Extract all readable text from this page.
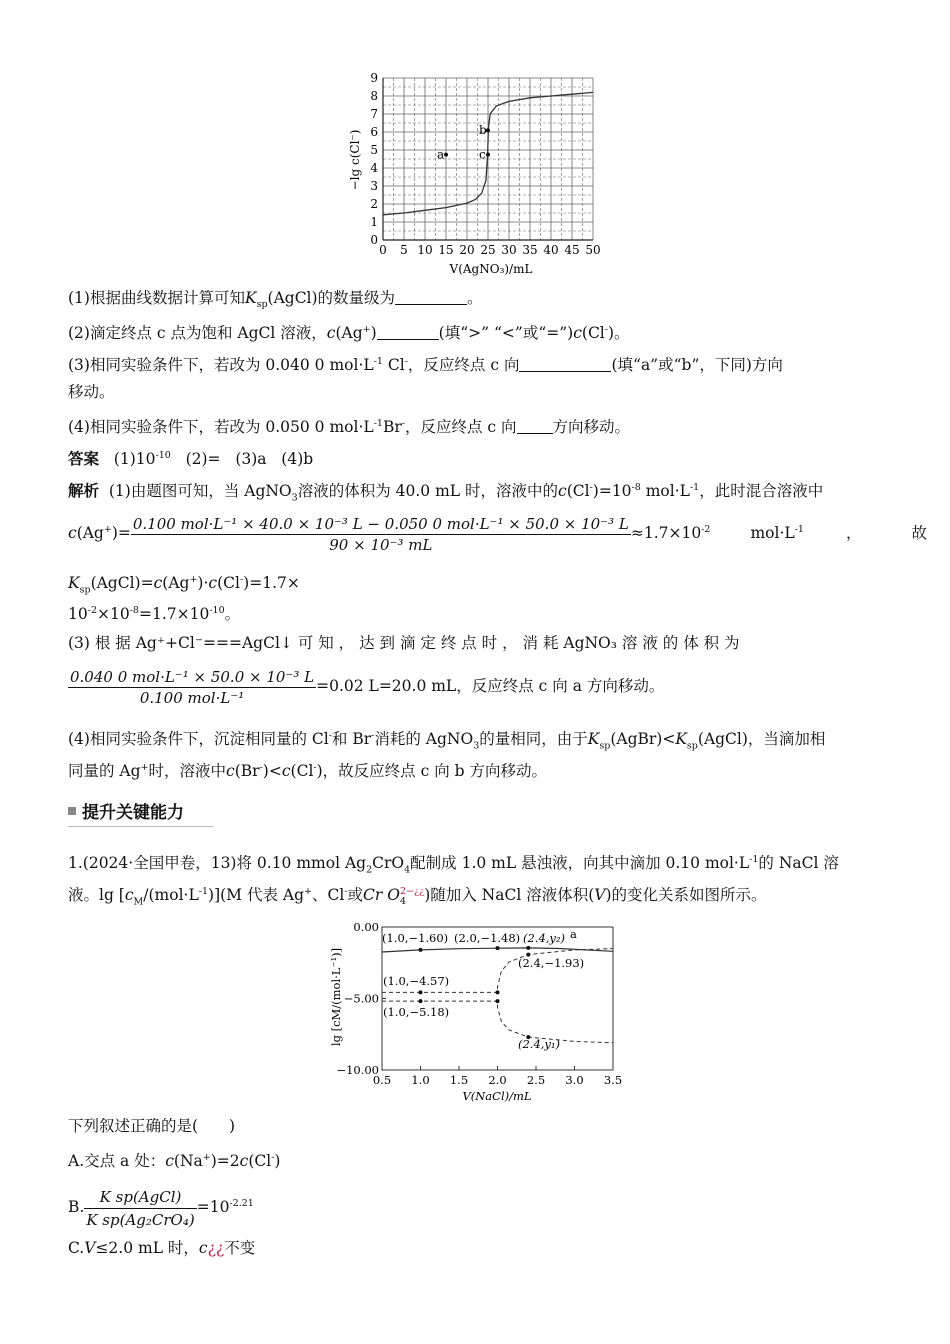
0 5 10 15 20 25 30 35 40 45 50
0
1
2
3
4
5
6
7
8
9
a
b
c
−lg c(Cl⁻)
V(AgNO₃)/mL
(1)根据曲线数据计算可知$K_{sp}(AgCl)$的数量级为	。
(2)滴定终点 c 点为饱和 AgCl 溶液，c(Ag+)	(填“>” “<”或“=”)c(Cl-)。
(3)相同实验条件下，若改为 0.040 0 $mol\cdot L^{-1}$ Cl-，反应终点 c 向	(填“a”或“b”，下同)方向
移动。
(4)相同实验条件下，若改为 0.050 0 $mol\cdot L^{-1}Br^-$，反应终点 c 向 方向移动。
答案 $(1)10^{-10}$ (2)= (3)a (4)b
解析 (1)由题图可知，当 AgNO$_3$溶液的体积为 40.0 mL 时，溶液中的$c(Cl^-)=10^{-8}$ $mol\cdot L^{-1}$，此时混合溶液中
c(Ag+)=
0.100 mol·L⁻¹ × 40.0 × 10⁻³ L − 0.050 0 mol·L⁻¹ × 50.0 × 10⁻³ L
90 × 10⁻³ mL
$\approx 1.7\times 10^{-2}$	$mol\cdot L^{-1}$	，	故
$K_{sp}(AgCl)=c(Ag^+)\cdot c(Cl^-)=1.7\times$
$10^{-2}\times 10^{-8}=1.7\times 10^{-10}$。
(3) 根 据 Ag⁺+Cl⁻===AgCl↓ 可 知 ， 达 到 滴 定 终 点 时 ， 消 耗 AgNO₃ 溶 液 的 体 积 为
$\frac{\text{0.040 0 mol·L⁻¹ × 50.0 × 10⁻³ L}}{\text{0.100 mol·L⁻¹}} =0.02$ L=20.0 mL，反应终点 c 向 a 方向移动。
(4)相同实验条件下，沉淀相同量的 Cl-和 Br-消耗的 AgNO$_3$的量相同，由于$K_{sp}(AgBr)<K_{sp}(AgCl)$，当滴加相
同量的 Ag+时，溶液中c(Br-)<c(Cl-)，故反应终点 c 向 b 方向移动。
提升关键能力
1.(2024·全国甲卷，13)将 0.10 mmol $Ag_2CrO_4$配制成 1.0 mL 悬浊液，向其中滴加 0.10 $mol\cdot L^{-1}$的 NaCl 溶
液。$\lg [c_M/(mol\cdot L^{-1})](M$ 代表 Ag+、Cl-或Cr $O_4^{2-¿¿}$)随加入 NaCl 溶液体积(V)的变化关系如图所示。
0.5 1.0 1.5 2.0 2.5 3.0 3.5
0.00
−5.00
−10.00
(1.0,−1.60) (2.0,−1.48) (2.4,y₂) a
(2.4,−1.93)
(1.0,−4.57)
(1.0,−5.18)
(2.4,y₁)
lg [cM/(mol·L⁻¹)]
V(NaCl)/mL
下列叙述正确的是(　　)
A.交点 a 处：c(Na+)=2c(Cl-)
B. $\frac{\text{K sp(AgCl)}}{\text{K sp(Ag₂CrO₄)}} =10^{-2.21}$
C.V≤2.0 mL 时，c¿¿不变
